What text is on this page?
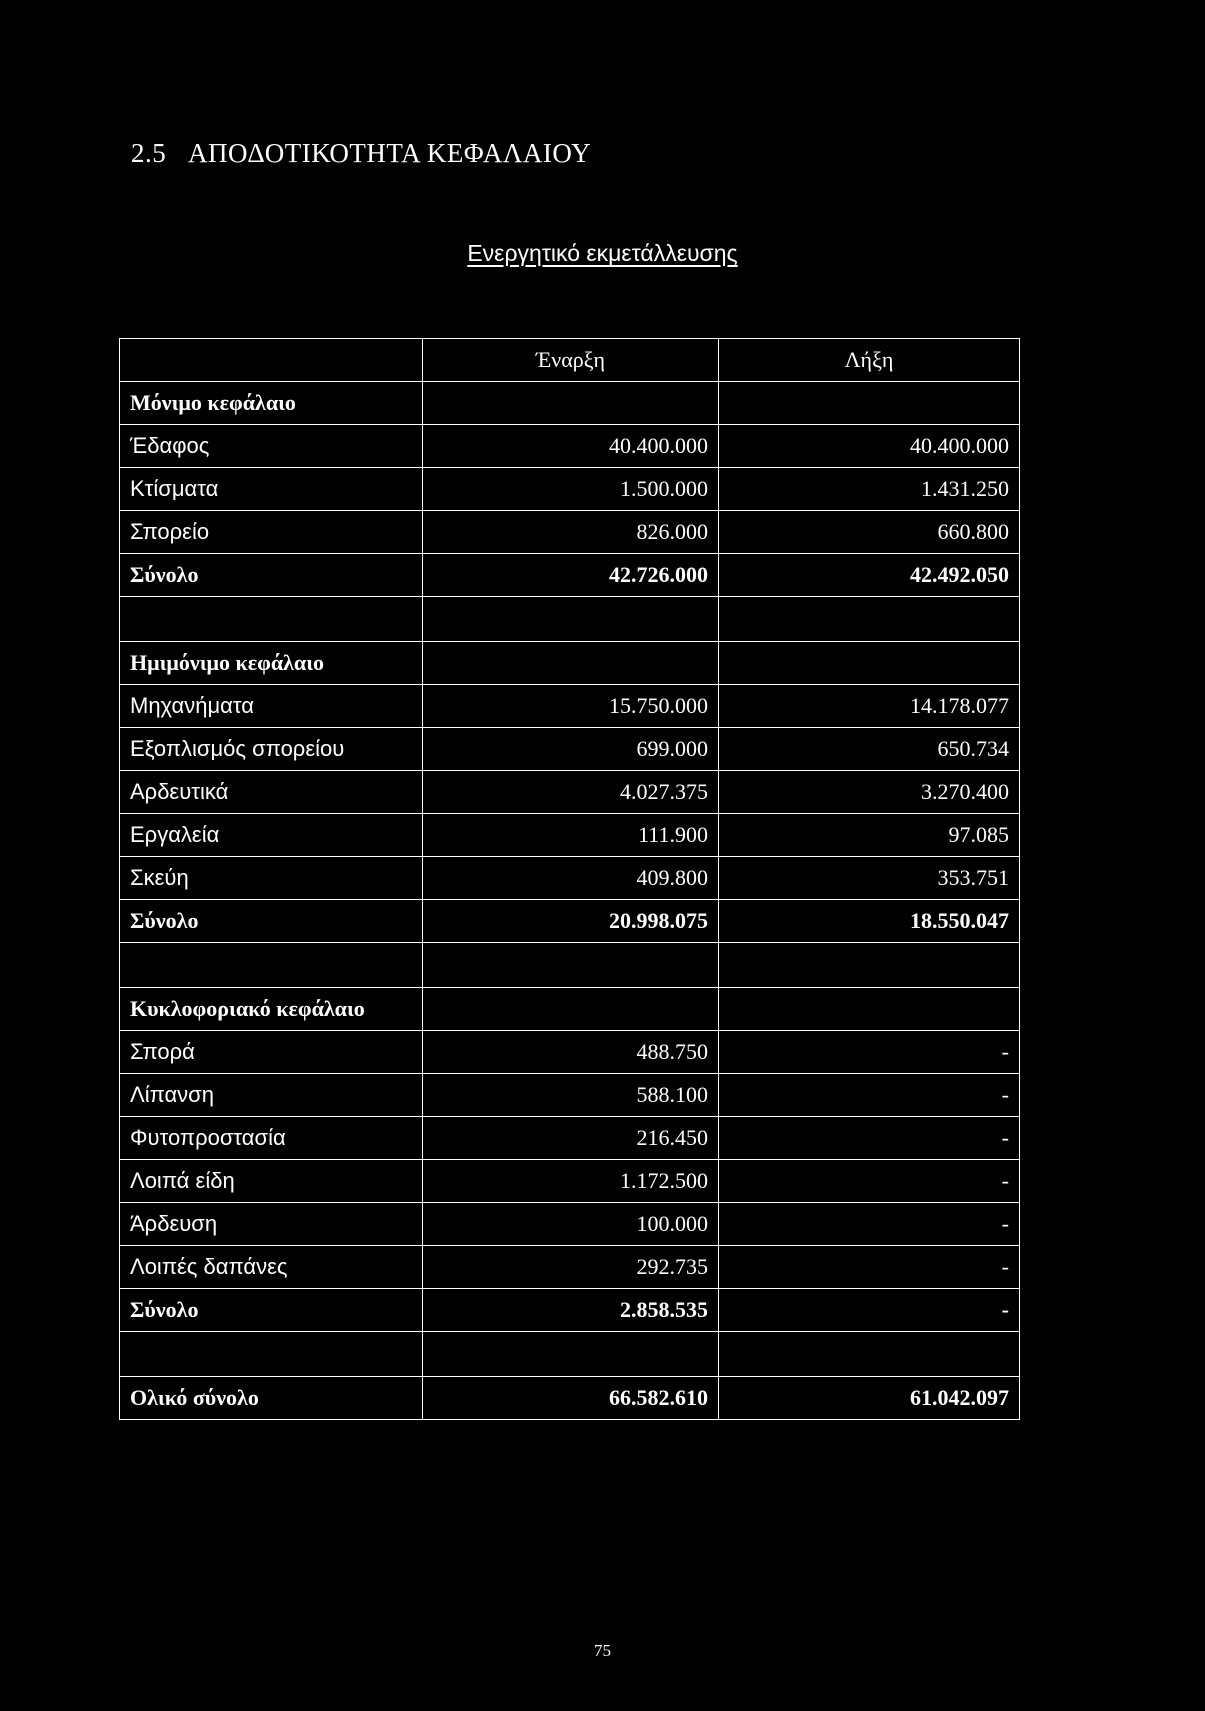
2.5 ΑΠΟΔΟΤΙΚΟΤΗΤΑ ΚΕΦΑΛΑΙΟΥ
Ενεργητικό εκμετάλλευσης
	Έναρξη	Λήξη
Μόνιμο κεφάλαιο		
Έδαφος	40.400.000	40.400.000
Κτίσματα	1.500.000	1.431.250
Σπορείο	826.000	660.800
Σύνολο	42.726.000	42.492.050

Ημιμόνιμο κεφάλαιο		
Μηχανήματα	15.750.000	14.178.077
Εξοπλισμός σπορείου	699.000	650.734
Αρδευτικά	4.027.375	3.270.400
Εργαλεία	111.900	97.085
Σκεύη	409.800	353.751
Σύνολο	20.998.075	18.550.047

Κυκλοφοριακό κεφάλαιο		
Σπορά	488.750	-
Λίπανση	588.100	-
Φυτοπροστασία	216.450	-
Λοιπά είδη	1.172.500	-
Άρδευση	100.000	-
Λοιπές δαπάνες	292.735	-
Σύνολο	2.858.535	-

Ολικό σύνολο	66.582.610	61.042.097
75
